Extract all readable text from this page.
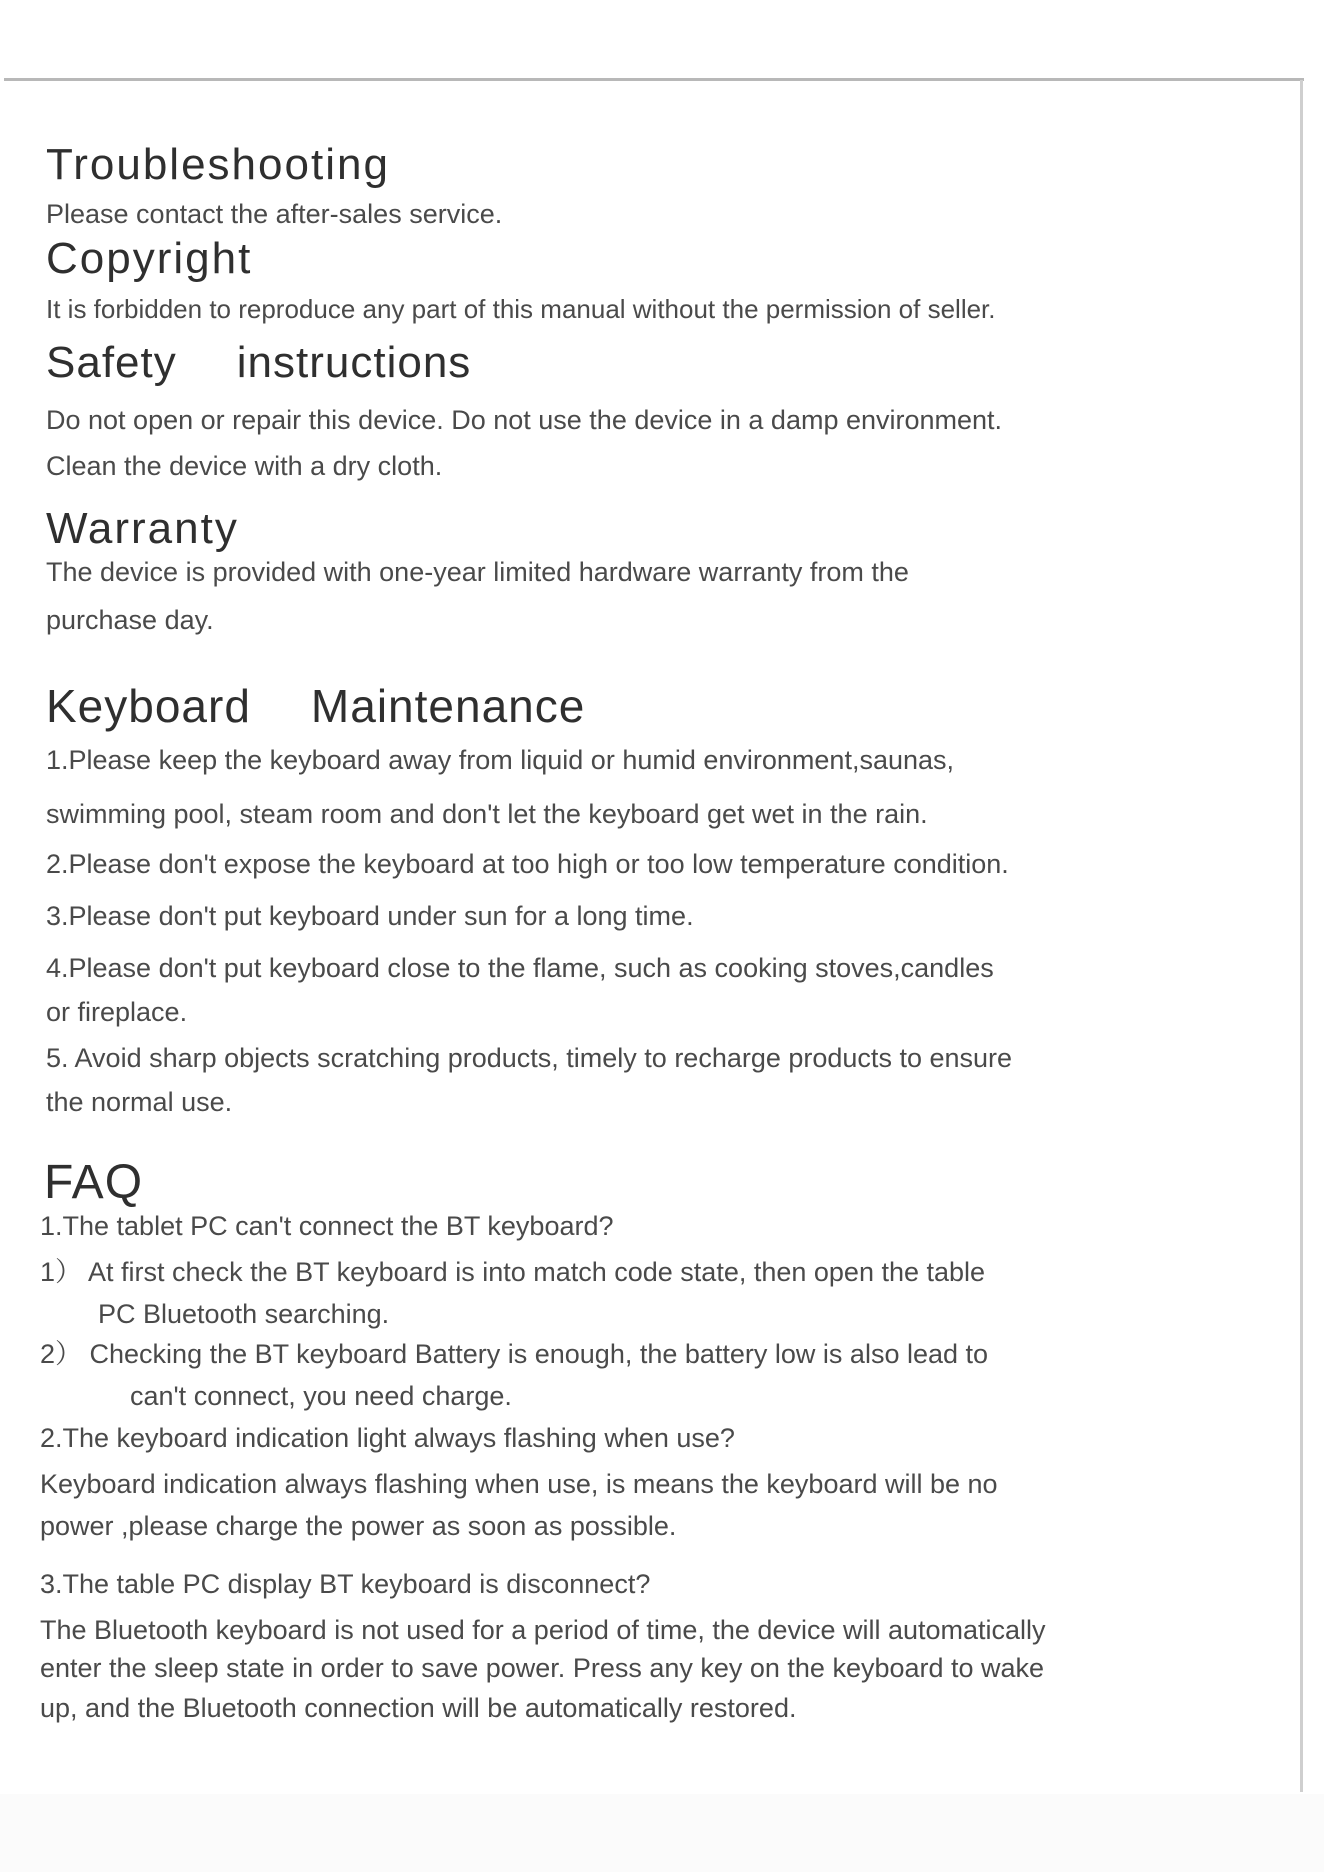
Troubleshooting

Please contact the after-sales service.

Copyright

It is forbidden to reproduce any part of this manual without the permission of seller.

Safety instructions

Do not open or repair this device. Do not use the device in a damp environment.

Clean the device with a dry cloth.

Warranty

The device is provided with one-year limited hardware warranty from the

purchase day.

Keyboard Maintenance

1.Please keep the keyboard away from liquid or humid environment,saunas,

swimming pool, steam room and don't let the keyboard get wet in the rain.

2.Please don't expose the keyboard at too high or too low temperature condition.

3.Please don't put keyboard under sun for a long time.

4.Please don't put keyboard close to the flame, such as cooking stoves,candles

or fireplace.

5. Avoid sharp objects scratching products, timely to recharge products to ensure

the normal use.

FAQ

1.The tablet PC can't connect the BT keyboard?

1） At first check the BT keyboard is into match code state, then open the table

PC Bluetooth searching.

2） Checking the BT keyboard Battery is enough, the battery low is also lead to

can't connect, you need charge.

2.The keyboard indication light always flashing when use?

Keyboard indication always flashing when use, is means the keyboard will be no

power ,please charge the power as soon as possible.

3.The table PC display BT keyboard is disconnect?

The Bluetooth keyboard is not used for a period of time, the device will automatically

enter the sleep state in order to save power. Press any key on the keyboard to wake

up, and the Bluetooth connection will be automatically restored.
